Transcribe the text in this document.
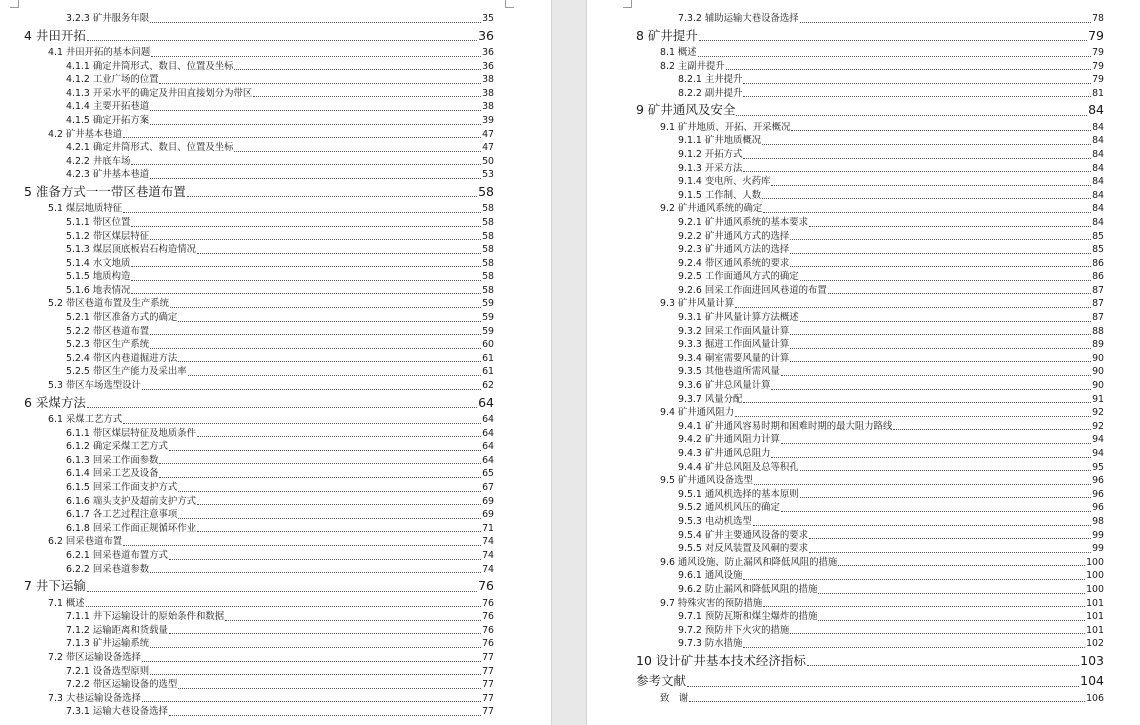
3.2.3 矿井服务年限	35
4 井田开拓	36
4.1 井田开拓的基本问题	36
4.1.1 确定井筒形式、数目、位置及坐标	36
4.1.2 工业广场的位置	38
4.1.3 开采水平的确定及井田直接划分为带区	38
4.1.4 主要开拓巷道	38
4.1.5 确定开拓方案	39
4.2 矿井基本巷道	47
4.2.1 确定井筒形式、数目、位置及坐标	47
4.2.2 井底车场	50
4.2.3 矿井基本巷道	53
5 准备方式一一带区巷道布置	58
5.1 煤层地质特征	58
5.1.1 带区位置	58
5.1.2 带区煤层特征	58
5.1.3 煤层顶底板岩石构造情况	58
5.1.4 水文地质	58
5.1.5 地质构造	58
5.1.6 地表情况	58
5.2 带区巷道布置及生产系统	59
5.2.1 带区准备方式的确定	59
5.2.2 带区巷道布置	59
5.2.3 带区生产系统	60
5.2.4 带区内巷道掘进方法	61
5.2.5 带区生产能力及采出率	61
5.3 带区车场选型设计	62
6 采煤方法	64
6.1 采煤工艺方式	64
6.1.1 带区煤层特征及地质条件	64
6.1.2 确定采煤工艺方式	64
6.1.3 回采工作面参数	64
6.1.4 回采工艺及设备	65
6.1.5 回采工作面支护方式	67
6.1.6 端头支护及超前支护方式	69
6.1.7 各工艺过程注意事项	69
6.1.8 回采工作面正规循环作业	71
6.2 回采巷道布置	74
6.2.1 回采巷道布置方式	74
6.2.2 回采巷道参数	74
7 井下运输	76
7.1 概述	76
7.1.1 井下运输设计的原始条件和数据	76
7.1.2 运输距离和货载量	76
7.1.3 矿井运输系统	76
7.2 带区运输设备选择	77
7.2.1 设备选型原则	77
7.2.2 带区运输设备的选型	77
7.3 大巷运输设备选择	77
7.3.1 运输大巷设备选择	77
7.3.2 辅助运输大巷设备选择	78
8 矿井提升	79
8.1 概述	79
8.2 主副井提升	79
8.2.1 主井提升	79
8.2.2 副井提升	81
9 矿井通风及安全	84
9.1 矿井地质、开拓、开采概况	84
9.1.1 矿井地质概况	84
9.1.2 开拓方式	84
9.1.3 开采方法	84
9.1.4 变电所、火药库	84
9.1.5 工作制、人数	84
9.2 矿井通风系统的确定	84
9.2.1 矿井通风系统的基本要求	84
9.2.2 矿井通风方式的选择	85
9.2.3 矿井通风方法的选择	85
9.2.4 带区通风系统的要求	86
9.2.5 工作面通风方式的确定	86
9.2.6 回采工作面进回风巷道的布置	87
9.3 矿井风量计算	87
9.3.1 矿井风量计算方法概述	87
9.3.2 回采工作面风量计算	88
9.3.3 掘进工作面风量计算	89
9.3.4 硐室需要风量的计算	90
9.3.5 其他巷道所需风量	90
9.3.6 矿井总风量计算	90
9.3.7 风量分配	91
9.4 矿井通风阻力	92
9.4.1 矿井通风容易时期和困难时期的最大阻力路线	92
9.4.2 矿井通风阻力计算	94
9.4.3 矿井通风总阻力	94
9.4.4 矿井总风阻及总等积孔	95
9.5 矿井通风设备选型	96
9.5.1 通风机选择的基本原则	96
9.5.2 通风机风压的确定	96
9.5.3 电动机选型	98
9.5.4 矿井主要通风设备的要求	99
9.5.5 对反风装置及风硐的要求	99
9.6 通风设施、防止漏风和降低风阻的措施	100
9.6.1 通风设施	100
9.6.2 防止漏风和降低风阻的措施	100
9.7 特殊灾害的预防措施	101
9.7.1 预防瓦斯和煤尘爆炸的措施	101
9.7.2 预防井下火灾的措施	101
9.7.3 防水措施	102
10 设计矿井基本技术经济指标	103
参考文献	104
致　谢	106
